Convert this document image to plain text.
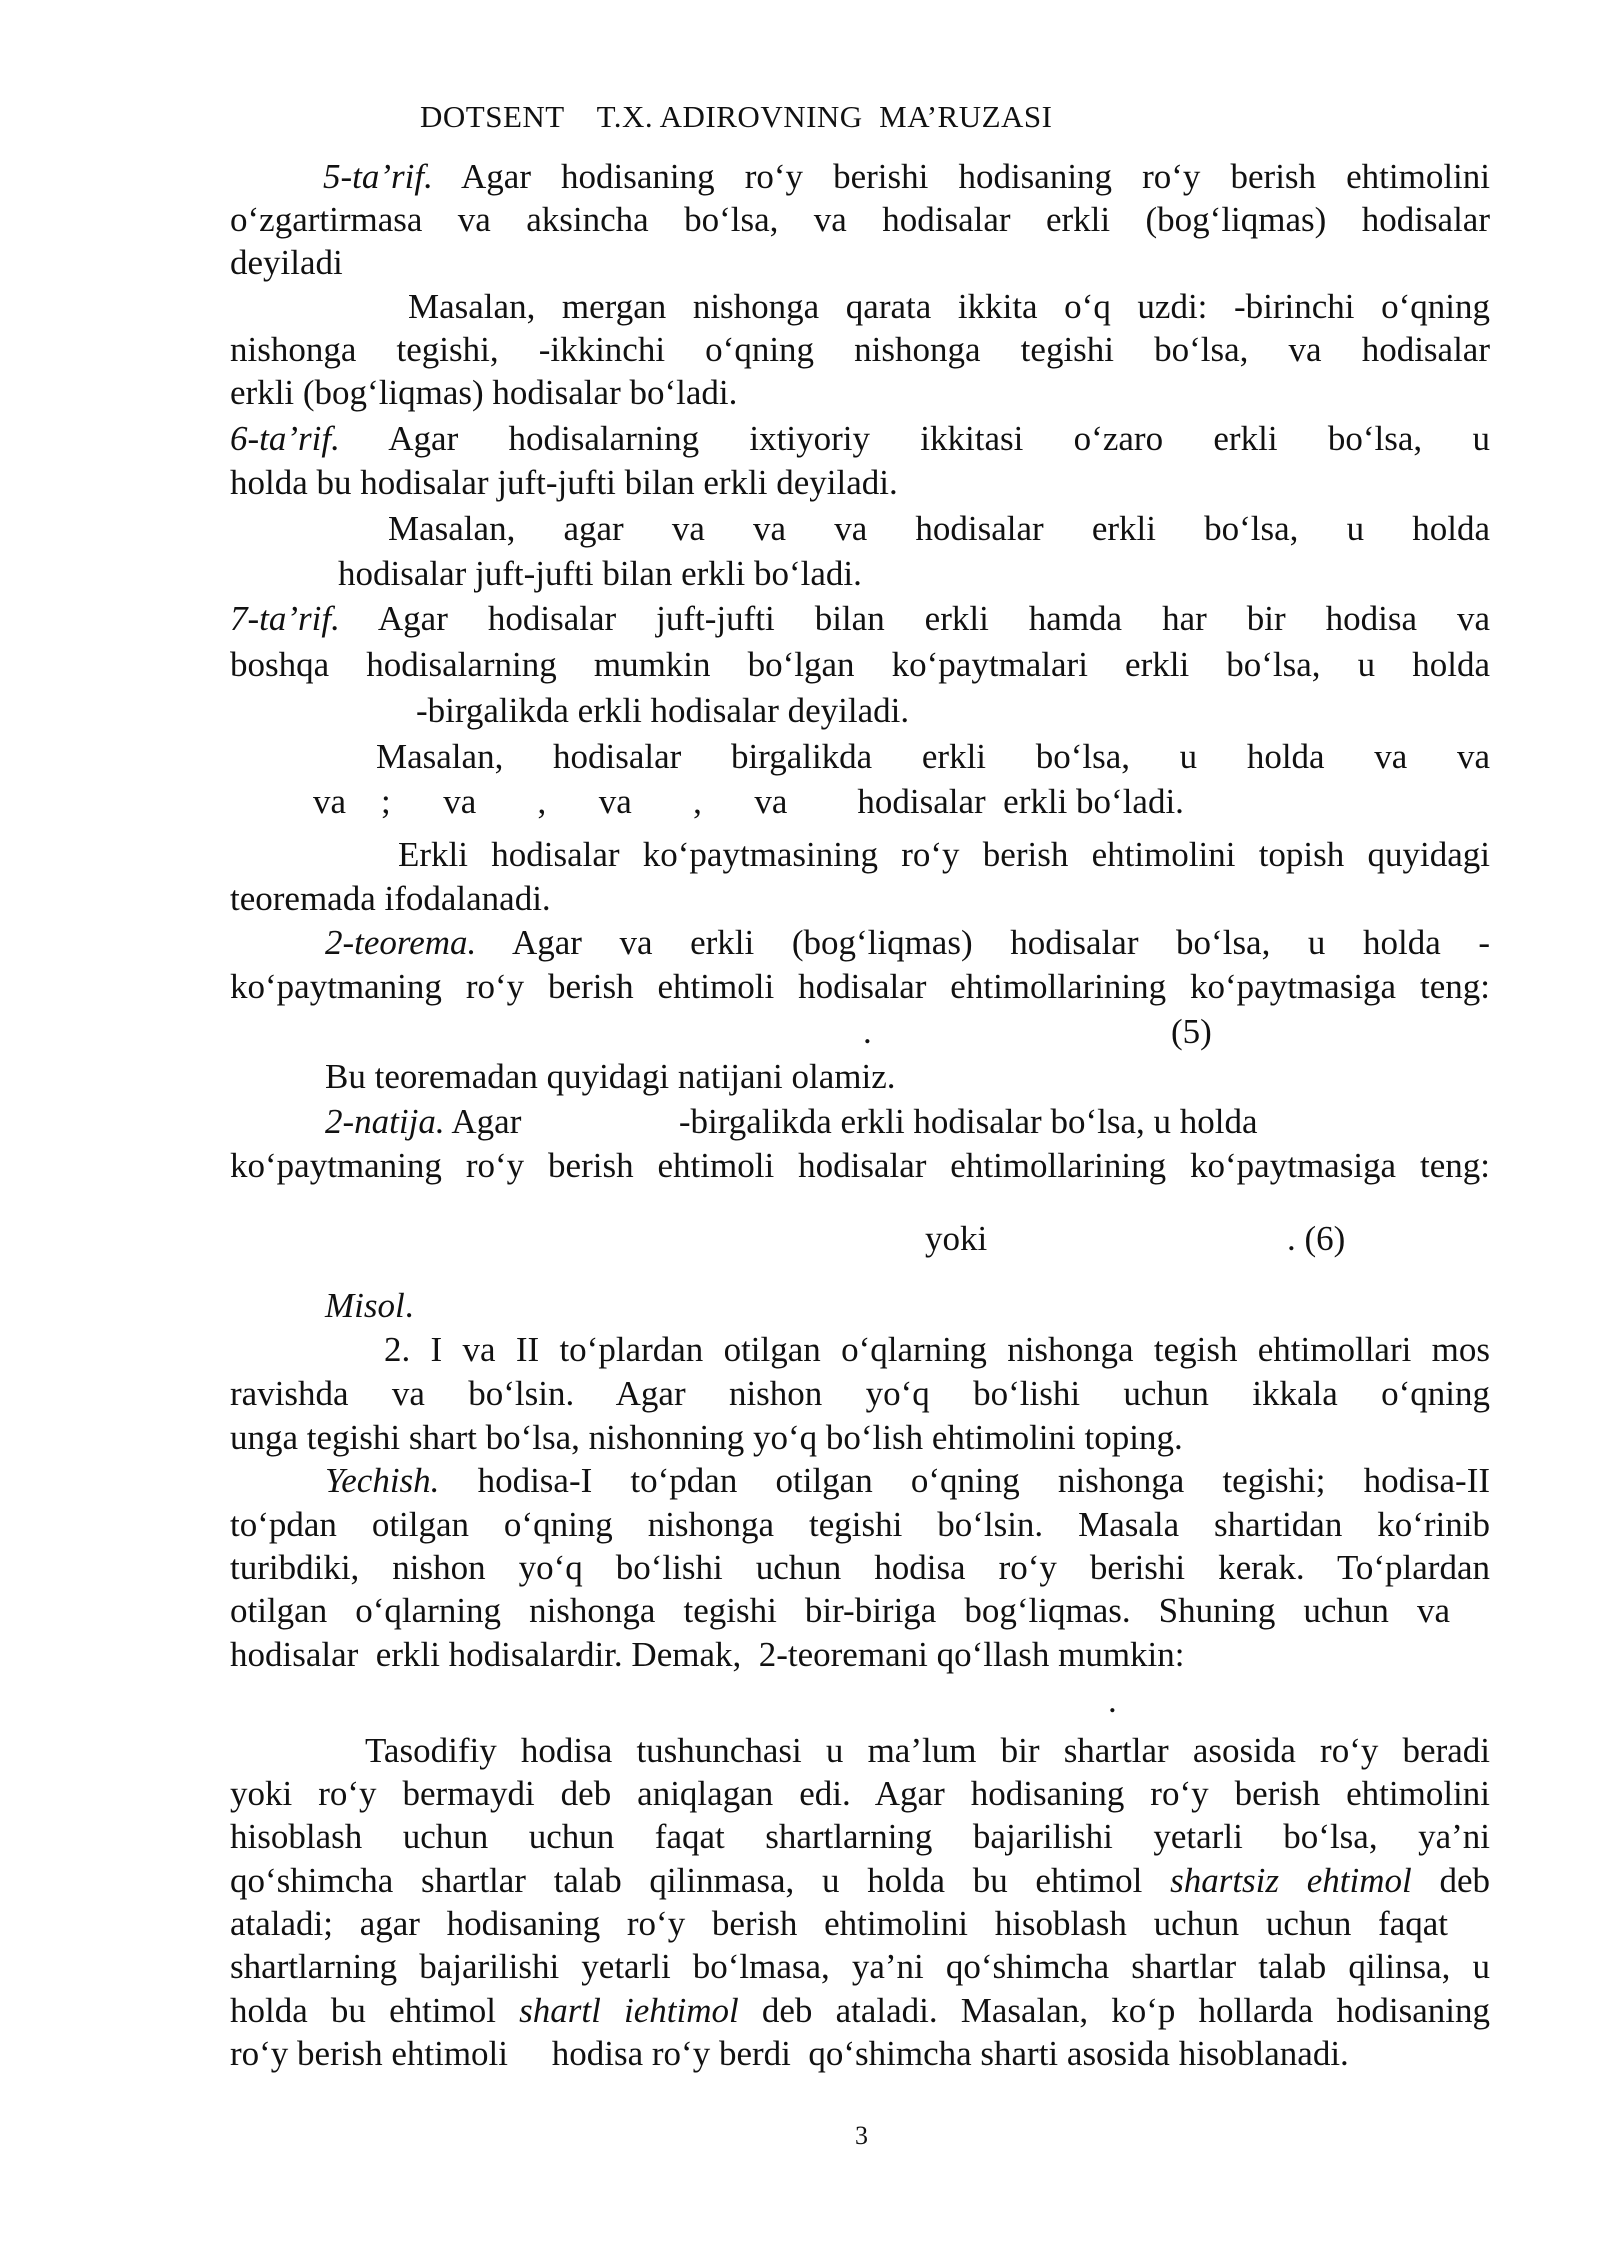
DOTSENT    T.X. ADIROVNING  MA’RUZASI
5-ta’rif. Agar hodisaning ro‘y berishi hodisaning ro‘y berish ehtimolini
o‘zgartirmasa va aksincha bo‘lsa, va hodisalar erkli (bog‘liqmas) hodisalar
deyiladi
Masalan, mergan nishonga qarata ikkita o‘q uzdi: -birinchi o‘qning
nishonga tegishi, -ikkinchi o‘qning nishonga tegishi bo‘lsa, va hodisalar
erkli (bog‘liqmas) hodisalar bo‘ladi.
6-ta’rif. Agar hodisalarning ixtiyoriy ikkitasi o‘zaro erkli bo‘lsa, u
holda bu hodisalar juft-jufti bilan erkli deyiladi.
Masalan, agar va va va hodisalar erkli bo‘lsa, u holda
hodisalar juft-jufti bilan erkli bo‘ladi.
7-ta’rif. Agar hodisalar juft-jufti bilan erkli hamda har bir hodisa va
boshqa hodisalarning mumkin bo‘lgan ko‘paytmalari erkli bo‘lsa, u holda
-birgalikda erkli hodisalar deyiladi.
Masalan, hodisalar birgalikda erkli bo‘lsa, u holda va va
va    ;      va       ,      va       ,      va        hodisalar  erkli bo‘ladi.
Erkli hodisalar ko‘paytmasining ro‘y berish ehtimolini topish quyidagi
teoremada ifodalanadi.
2-teorema. Agar va erkli (bog‘liqmas) hodisalar bo‘lsa, u holda -
ko‘paytmaning ro‘y berish ehtimoli hodisalar ehtimollarining ko‘paytmasiga teng:
.	(5)
Bu teoremadan quyidagi natijani olamiz.
2-natija. Agar                  -birgalikda erkli hodisalar bo‘lsa, u holda
ko‘paytmaning ro‘y berish ehtimoli hodisalar ehtimollarining ko‘paytmasiga teng:
yoki	. (6)
Misol.
2. I va II to‘plardan otilgan o‘qlarning nishonga tegish ehtimollari mos
ravishda va bo‘lsin. Agar nishon yo‘q bo‘lishi uchun ikkala o‘qning
unga tegishi shart bo‘lsa, nishonning yo‘q bo‘lish ehtimolini toping.
Yechish. hodisa-I to‘pdan otilgan o‘qning nishonga tegishi; hodisa-II
to‘pdan otilgan o‘qning nishonga tegishi bo‘lsin. Masala shartidan ko‘rinib
turibdiki, nishon yo‘q bo‘lishi uchun hodisa ro‘y berishi kerak. To‘plardan
otilgan o‘qlarning nishonga tegishi bir-biriga bog‘liqmas. Shuning uchun va
hodisalar  erkli hodisalardir. Demak,  2-teoremani qo‘llash mumkin:
.
Tasodifiy hodisa tushunchasi u ma’lum bir shartlar asosida ro‘y beradi
yoki ro‘y bermaydi deb aniqlagan edi. Agar hodisaning ro‘y berish ehtimolini
hisoblash uchun uchun faqat shartlarning bajarilishi yetarli bo‘lsa, ya’ni
qo‘shimcha shartlar talab qilinmasa, u holda bu ehtimol shartsiz ehtimol deb
ataladi; agar hodisaning ro‘y berish ehtimolini hisoblash uchun uchun faqat
shartlarning bajarilishi yetarli bo‘lmasa, ya’ni qo‘shimcha shartlar talab qilinsa, u
holda bu ehtimol shartl iehtimol deb ataladi. Masalan, ko‘p hollarda hodisaning
ro‘y berish ehtimoli     hodisa ro‘y berdi  qo‘shimcha sharti asosida hisoblanadi.
3
